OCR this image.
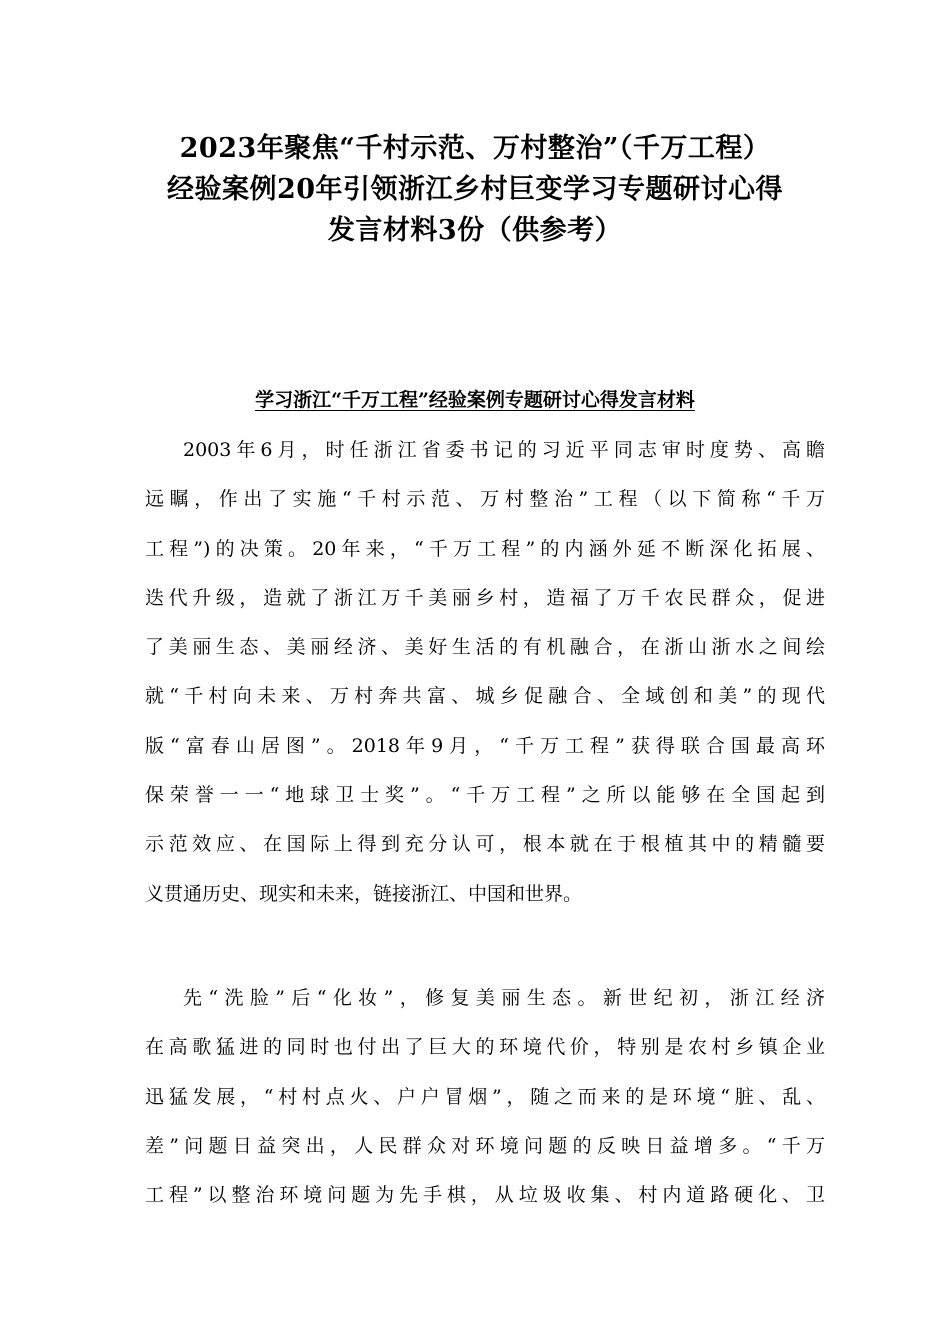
2023年聚焦“千村示范、万村整治”（千万工程）
经验案例20年引领浙江乡村巨变学习专题研讨心得
发言材料3份（供参考）
学习浙江“千万工程”经验案例专题研讨心得发言材料

2003年6月，时任浙江省委书记的习近平同志审时度势、高瞻
远瞩，作出了实施“千村示范、万村整治”工程（以下简称“千万
工程”)的决策。20年来，“千万工程”的内涵外延不断深化拓展、
迭代升级，造就了浙江万千美丽乡村，造福了万千农民群众，促进
了美丽生态、美丽经济、美好生活的有机融合，在浙山浙水之间绘
就“千村向未来、万村奔共富、城乡促融合、全域创和美”的现代
版“富春山居图”。2018年9月，“千万工程”获得联合国最高环
保荣誉一一“地球卫士奖”。“千万工程”之所以能够在全国起到
示范效应、在国际上得到充分认可，根本就在于根植其中的精髓要
义贯通历史、现实和未来，链接浙江、中国和世界。

先“洗脸”后“化妆”，修复美丽生态。新世纪初，浙江经济
在高歌猛进的同时也付出了巨大的环境代价，特别是农村乡镇企业
迅猛发展，“村村点火、户户冒烟”，随之而来的是环境“脏、乱、
差”问题日益突出，人民群众对环境问题的反映日益增多。“千万
工程”以整治环境问题为先手棋，从垃圾收集、村内道路硬化、卫
